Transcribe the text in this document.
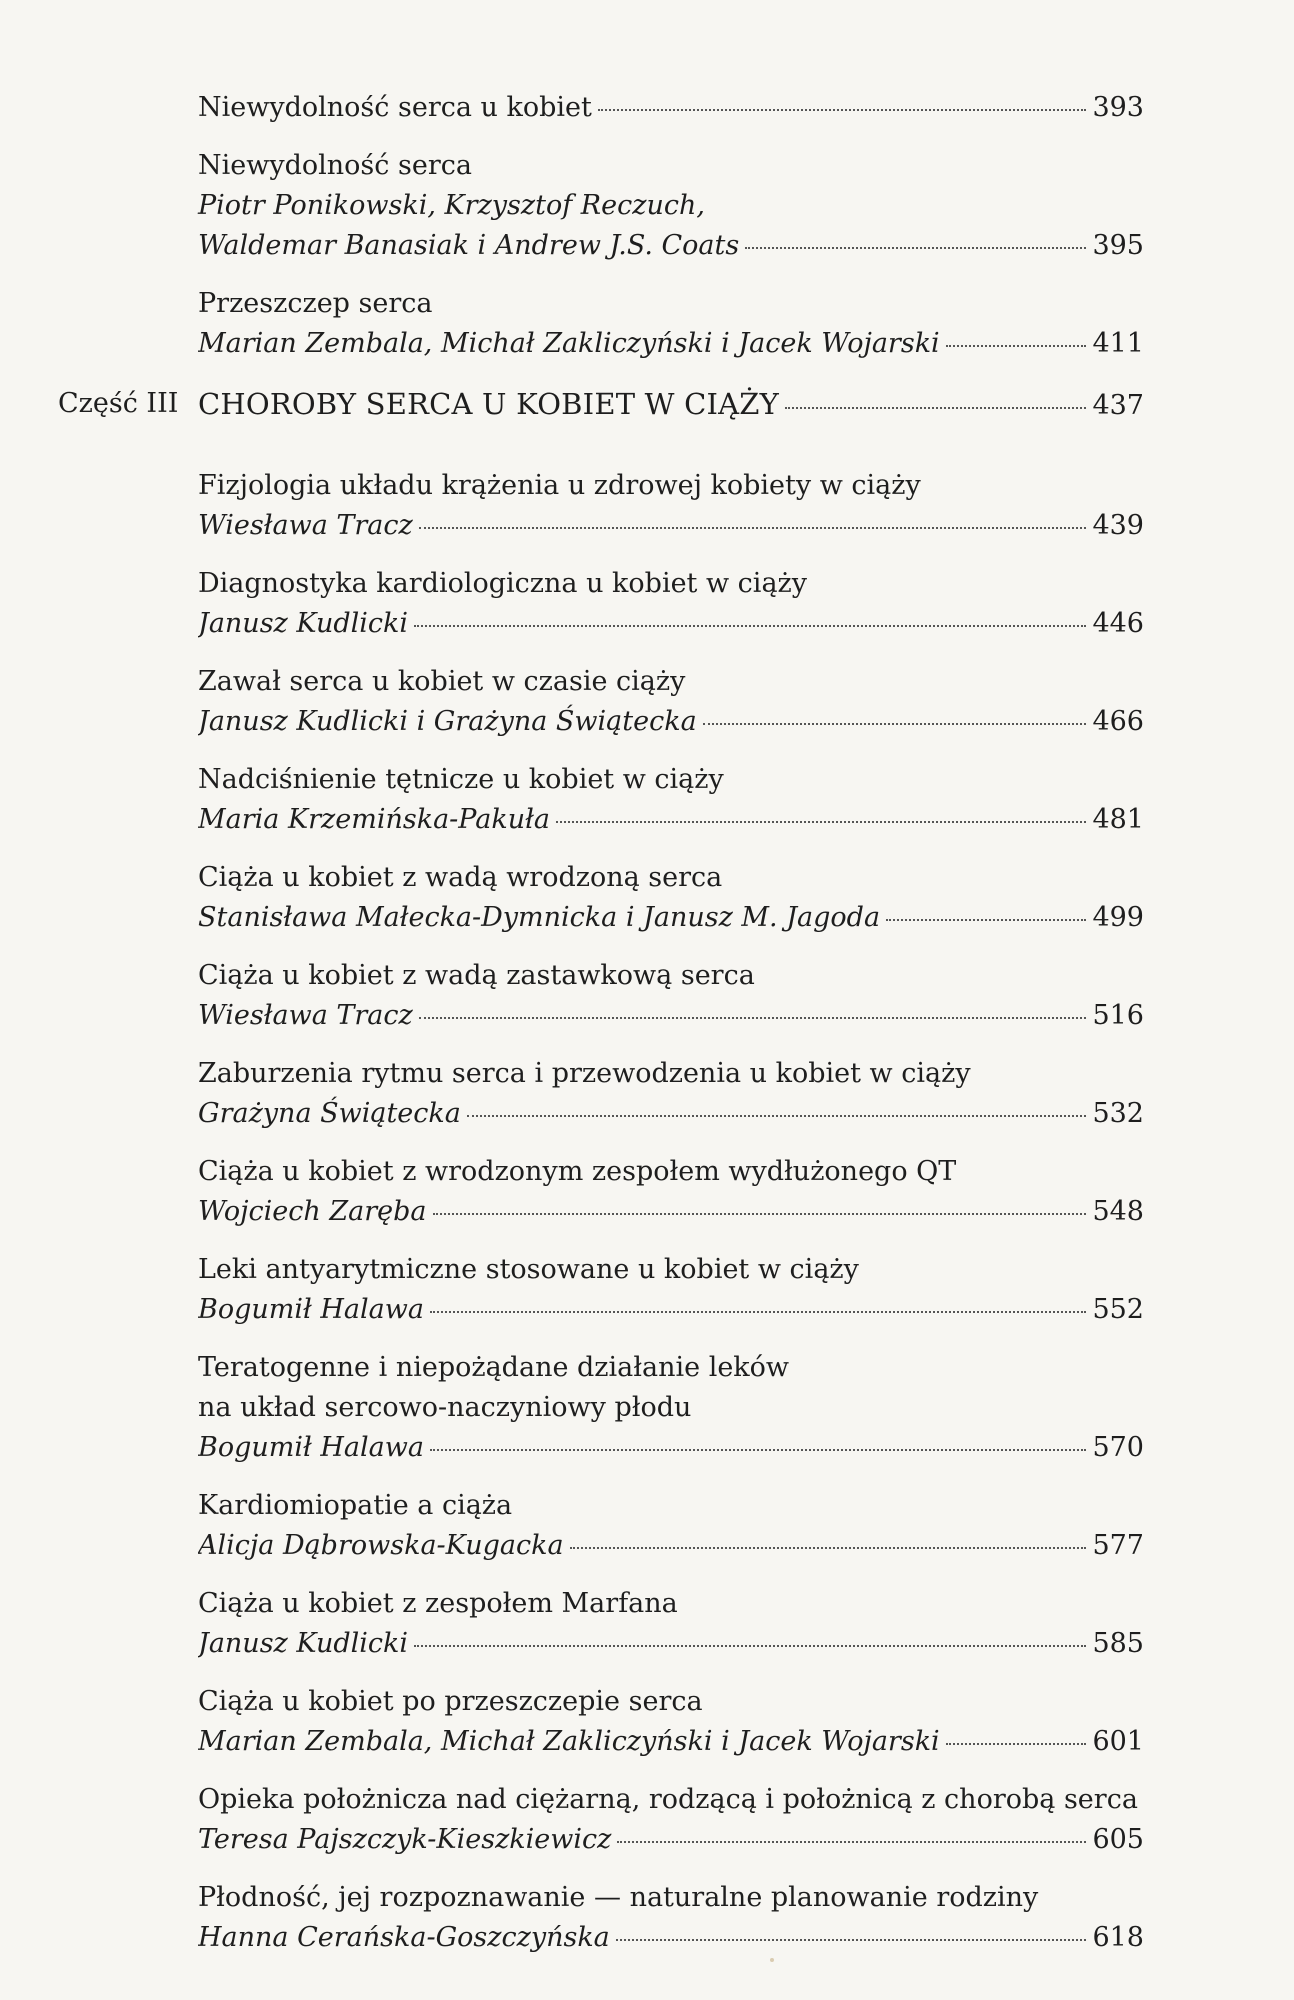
Niewydolność serca u kobiet	393
Niewydolność serca
Piotr Ponikowski, Krzysztof Reczuch,
Waldemar Banasiak i Andrew J.S. Coats	395
Przeszczep serca
Marian Zembala, Michał Zakliczyński i Jacek Wojarski	411
Część III CHOROBY SERCA U KOBIET W CIĄŻY	437
Fizjologia układu krążenia u zdrowej kobiety w ciąży
Wiesława Tracz	439
Diagnostyka kardiologiczna u kobiet w ciąży
Janusz Kudlicki	446
Zawał serca u kobiet w czasie ciąży
Janusz Kudlicki i Grażyna Świątecka	466
Nadciśnienie tętnicze u kobiet w ciąży
Maria Krzemińska-Pakuła	481
Ciąża u kobiet z wadą wrodzoną serca
Stanisława Małecka-Dymnicka i Janusz M. Jagoda	499
Ciąża u kobiet z wadą zastawkową serca
Wiesława Tracz	516
Zaburzenia rytmu serca i przewodzenia u kobiet w ciąży
Grażyna Świątecka	532
Ciąża u kobiet z wrodzonym zespołem wydłużonego QT
Wojciech Zaręba	548
Leki antyarytmiczne stosowane u kobiet w ciąży
Bogumił Halawa	552
Teratogenne i niepożądane działanie leków
na układ sercowo-naczyniowy płodu
Bogumił Halawa	570
Kardiomiopatie a ciąża
Alicja Dąbrowska-Kugacka	577
Ciąża u kobiet z zespołem Marfana
Janusz Kudlicki	585
Ciąża u kobiet po przeszczepie serca
Marian Zembala, Michał Zakliczyński i Jacek Wojarski	601
Opieka położnicza nad ciężarną, rodzącą i położnicą z chorobą serca
Teresa Pajszczyk-Kieszkiewicz	605
Płodność, jej rozpoznawanie — naturalne planowanie rodziny
Hanna Cerańska-Goszczyńska	618
